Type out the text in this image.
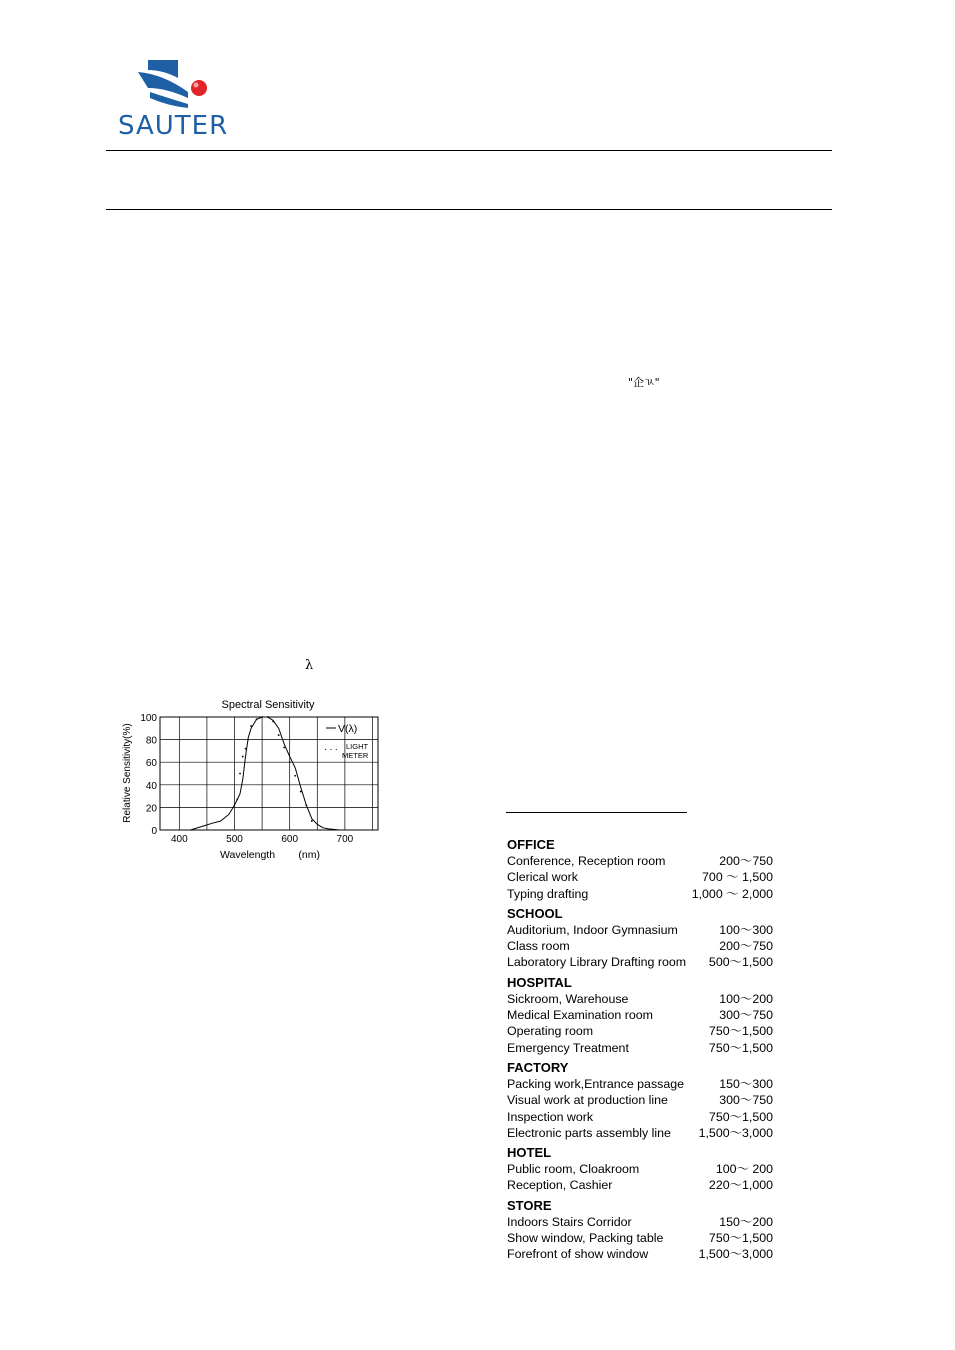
SAUTER
"企ㄳ"
λ
Spectral Sensitivity
Relative Sensitivity(%)
Wavelength        (nm)
400	500	600	700
0
20
40
60
80
100
V(λ)
··· LIGHT
METER
OFFICE
Conference, Reception room	200～750
Clerical work	700 ～ 1,500
Typing drafting	1,000 ～ 2,000
SCHOOL
Auditorium, Indoor Gymnasium	100～300
Class room	200～750
Laboratory Library Drafting room 500～1,500
HOSPITAL
Sickroom, Warehouse	100～200
Medical Examination room	300～750
Operating room	750～1,500
Emergency Treatment	750～1,500
FACTORY
Packing work,Entrance passage	150～300
Visual work at production line	300～750
Inspection work	750～1,500
Electronic parts assembly line 1,500～3,000
HOTEL
Public room, Cloakroom	100～ 200
Reception, Cashier	220～1,000
STORE
Indoors Stairs Corridor	150～200
Show window, Packing table	750～1,500
Forefront of show window	1,500～3,000
